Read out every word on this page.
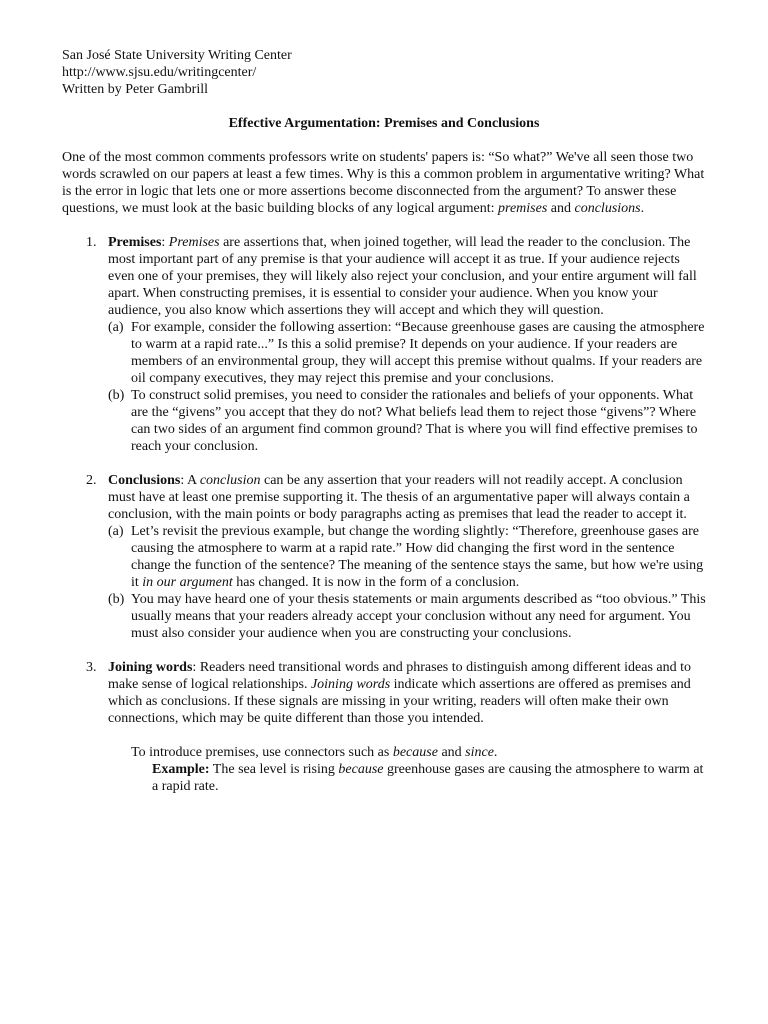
San José State University Writing Center
http://www.sjsu.edu/writingcenter/
Written by Peter Gambrill
Effective Argumentation: Premises and Conclusions

One of the most common comments professors write on students' papers is: “So what?” We've all seen those two words scrawled on our papers at least a few times. Why is this a common problem in argumentative writing? What is the error in logic that lets one or more assertions become disconnected from the argument? To answer these questions, we must look at the basic building blocks of any logical argument: premises and conclusions.

1. Premises: Premises are assertions that, when joined together, will lead the reader to the conclusion. The most important part of any premise is that your audience will accept it as true. If your audience rejects even one of your premises, they will likely also reject your conclusion, and your entire argument will fall apart. When constructing premises, it is essential to consider your audience. When you know your audience, you also know which assertions they will accept and which they will question.
(a) For example, consider the following assertion: “Because greenhouse gases are causing the atmosphere to warm at a rapid rate...” Is this a solid premise? It depends on your audience. If your readers are members of an environmental group, they will accept this premise without qualms. If your readers are oil company executives, they may reject this premise and your conclusions.
(b) To construct solid premises, you need to consider the rationales and beliefs of your opponents. What are the “givens” you accept that they do not? What beliefs lead them to reject those “givens”? Where can two sides of an argument find common ground? That is where you will find effective premises to reach your conclusion.
2. Conclusions: A conclusion can be any assertion that your readers will not readily accept. A conclusion must have at least one premise supporting it. The thesis of an argumentative paper will always contain a conclusion, with the main points or body paragraphs acting as premises that lead the reader to accept it.
(a) Let’s revisit the previous example, but change the wording slightly: “Therefore, greenhouse gases are causing the atmosphere to warm at a rapid rate.” How did changing the first word in the sentence change the function of the sentence? The meaning of the sentence stays the same, but how we're using it in our argument has changed. It is now in the form of a conclusion.
(b) You may have heard one of your thesis statements or main arguments described as “too obvious.” This usually means that your readers already accept your conclusion without any need for argument. You must also consider your audience when you are constructing your conclusions.
3. Joining words: Readers need transitional words and phrases to distinguish among different ideas and to make sense of logical relationships. Joining words indicate which assertions are offered as premises and which as conclusions. If these signals are missing in your writing, readers will often make their own connections, which may be quite different than those you intended.
To introduce premises, use connectors such as because and since.
Example: The sea level is rising because greenhouse gases are causing the atmosphere to warm at a rapid rate.
